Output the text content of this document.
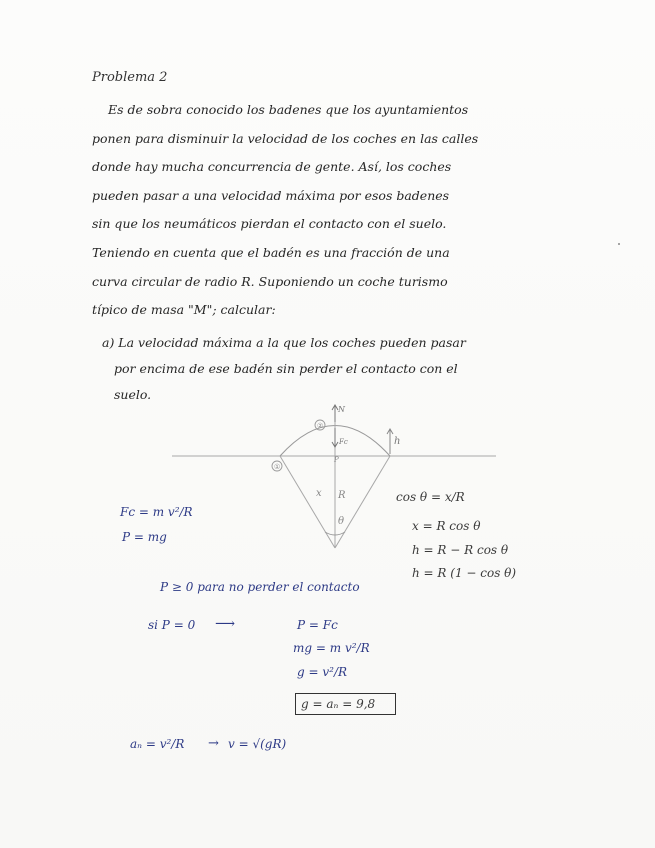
Problema 2
Es de sobra conocido los badenes que los ayuntamientos
ponen para disminuir la velocidad de los coches en las calles
donde hay mucha concurrencia de gente. Así, los coches
pueden pasar a una velocidad máxima por esos badenes
sin que los neumáticos pierdan el contacto con el suelo.
Teniendo en cuenta que el badén es una fracción de una
curva circular de radio R. Suponiendo un coche turismo
típico de masa "M"; calcular:
a) La velocidad máxima a la que los coches pueden pasar
por encima de ese badén sin perder el contacto con el
suelo.
②
①
N
Fc
P
h
x R
θ
Fc = m v²/R
P = mg
cos θ = x/R
x = R cos θ
h = R − R cos θ
h = R (1 − cos θ)
P ≥ 0 para no perder el contacto
si P = 0 ⟶	P = Fc
mg = m v²/R
g = v²/R
g = aₙ = 9,8
aₙ = v²/R → v = √(gR)
